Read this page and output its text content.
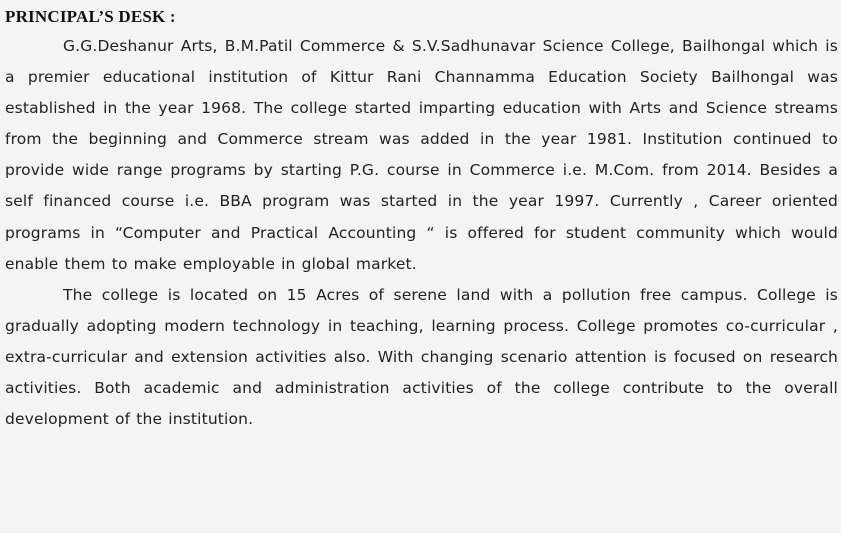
PRINCIPAL’S DESK :

G.G.Deshanur Arts, B.M.Patil Commerce & S.V.Sadhunavar Science College, Bailhongal which is a premier educational institution of Kittur Rani Channamma Education Society Bailhongal was established in the year 1968. The college started imparting education with Arts and Science streams from the beginning and Commerce stream was added in the year 1981. Institution continued to provide wide range programs by starting P.G. course in Commerce i.e. M.Com. from 2014. Besides a self financed course i.e. BBA program was started in the year 1997. Currently , Career oriented programs in “Computer and Practical Accounting “ is offered for student community which would enable them to make employable in global market.

The college is located on 15 Acres of serene land with a pollution free campus. College is gradually adopting modern technology in teaching, learning process. College promotes co-curricular , extra-curricular and extension activities also. With changing scenario attention is focused on research activities. Both academic and administration activities of the college contribute to the overall development of the institution.
